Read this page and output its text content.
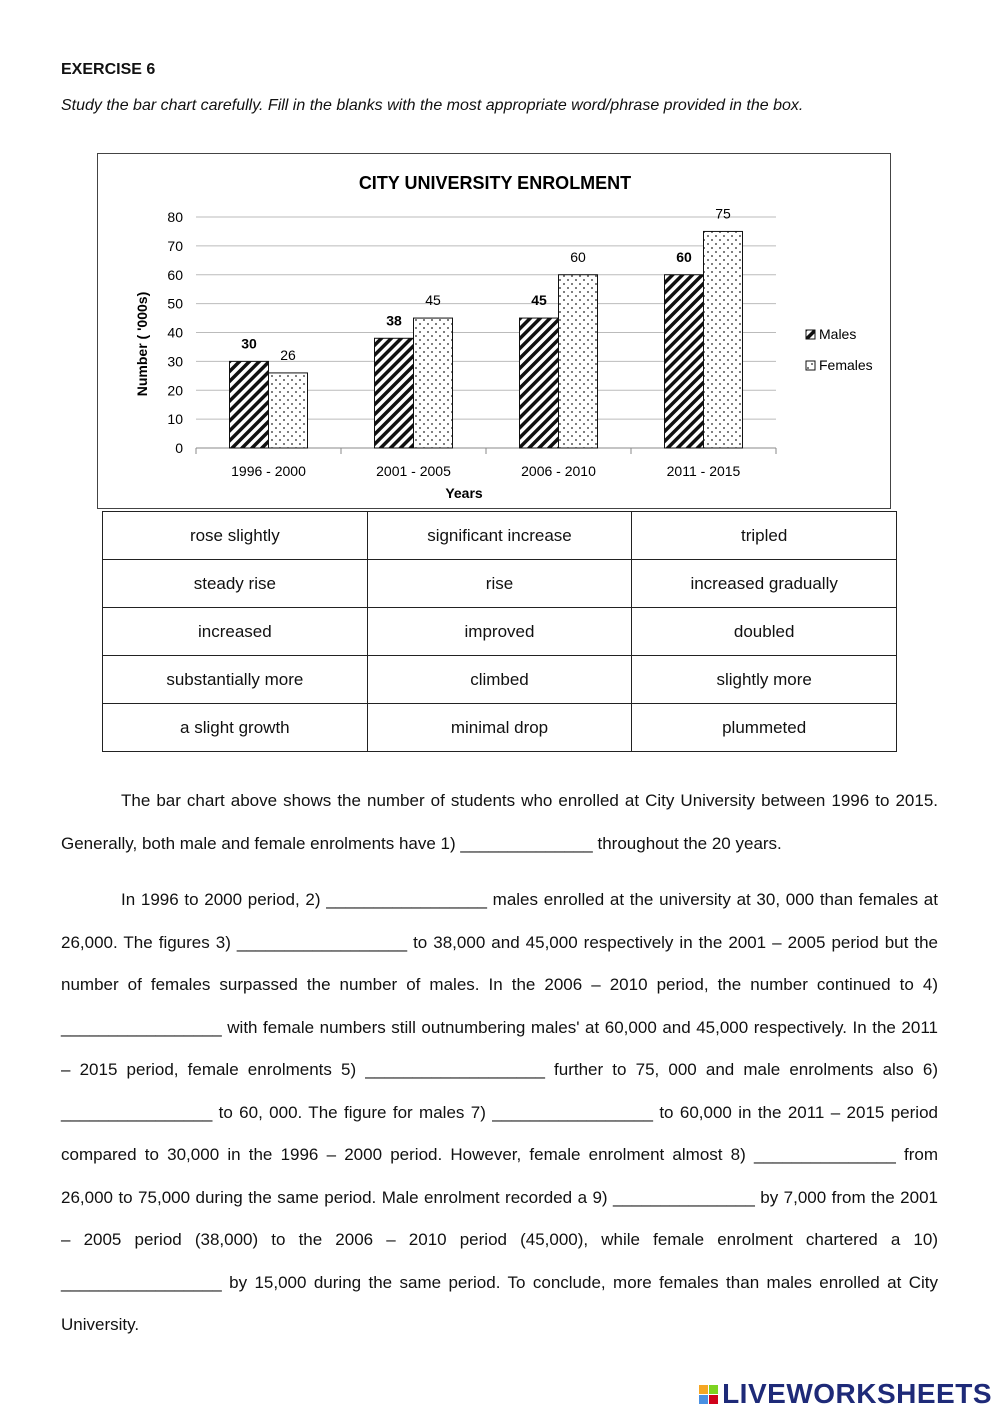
EXERCISE 6
Study the bar chart carefully. Fill in the blanks with the most appropriate word/phrase provided in the box.
CITY UNIVERSITY ENROLMENT
0
10
20
30
40
50
60
70
80
1996 - 2000
30
26
2001 - 2005
38
45
2006 - 2010
45
60
2011 - 2015
60
75
Years
Number ( '000s)	Males
Females
rose slightly	significant increase	tripled
steady rise	rise	increased gradually
increased	improved	doubled
substantially more	climbed	slightly more
a slight growth	minimal drop	plummeted

The bar chart above shows the number of students who enrolled at City University between 1996 to 2015. Generally, both male and female enrolments have 1) ______________ throughout the 20 years.

In 1996 to 2000 period, 2) _________________ males enrolled at the university at 30, 000 than females at 26,000. The figures 3) __________________ to 38,000 and 45,000 respectively in the 2001 – 2005 period but the number of females surpassed the number of males. In the 2006 – 2010 period, the number continued to 4) _________________ with female numbers still outnumbering males' at 60,000 and 45,000 respectively. In the 2011 – 2015 period, female enrolments 5) ___________________ further to 75, 000 and male enrolments also 6) ________________ to 60, 000. The figure for males 7) _________________ to 60,000 in the 2011 – 2015 period compared to 30,000 in the 1996 – 2000 period. However, female enrolment almost 8) _______________ from 26,000 to 75,000 during the same period. Male enrolment recorded a 9) _______________ by 7,000 from the 2001 – 2005 period (38,000) to the 2006 – 2010 period (45,000), while female enrolment chartered a 10) _________________ by 15,000 during the same period. To conclude, more females than males enrolled at City University.

LIVEWORKSHEETS
